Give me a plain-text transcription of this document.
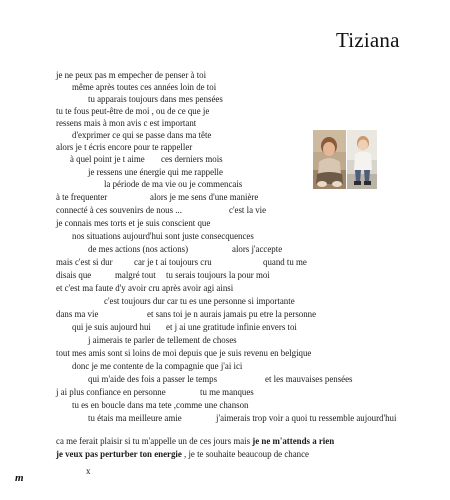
Tiziana
je ne peux pas m empecher de penser à toi
même après toutes ces années loin de toi
tu apparais toujours dans mes pensées
tu te fous peut-être de moi , ou de ce que je
ressens mais à mon avis c est important
d'exprimer ce qui se passe dans ma tête
alors je t écris encore pour te rappeller
à quel point je t aime ces derniers mois
je ressens une énergie qui me rappelle
la période de ma vie ou je commencais
à te frequenter	alors je me sens d'une manière
connecté à ces souvenirs de nous ...	c'est la vie
je connais mes torts et je suis conscient que
nos situations aujourd'hui sont juste consecquences
de mes actions (nos actions)	alors j'accepte
mais c'est si dur car je t ai toujours cru	quand tu me
disais que	malgré tout tu serais toujours la pour moi
et c'est ma faute d'y avoir cru après avoir agi ainsi
c'est toujours dur car tu es une personne si importante
dans ma vie	et sans toi je n aurais jamais pu etre la personne
qui je suis aujourd hui et j ai une gratitude infinie envers toi
j aimerais te parler de tellement de choses
tout mes amis sont si loins de moi depuis que je suis revenu en belgique
donc je me contente de la compagnie que j'ai ici
qui m'aide des fois a passer le temps	et les mauvaises pensées
j ai plus confiance en personne	tu me manques
tu es en boucle dans ma tete ,comme une chanson
tu étais ma meilleure amie	j'aimerais trop voir a quoi tu ressemble aujourd'hui
ca me ferait plaisir si tu m'appelle un de ces jours mais je ne m'attends a rien
je veux pas perturber ton energie , je te souhaite beaucoup de chance
x
m
